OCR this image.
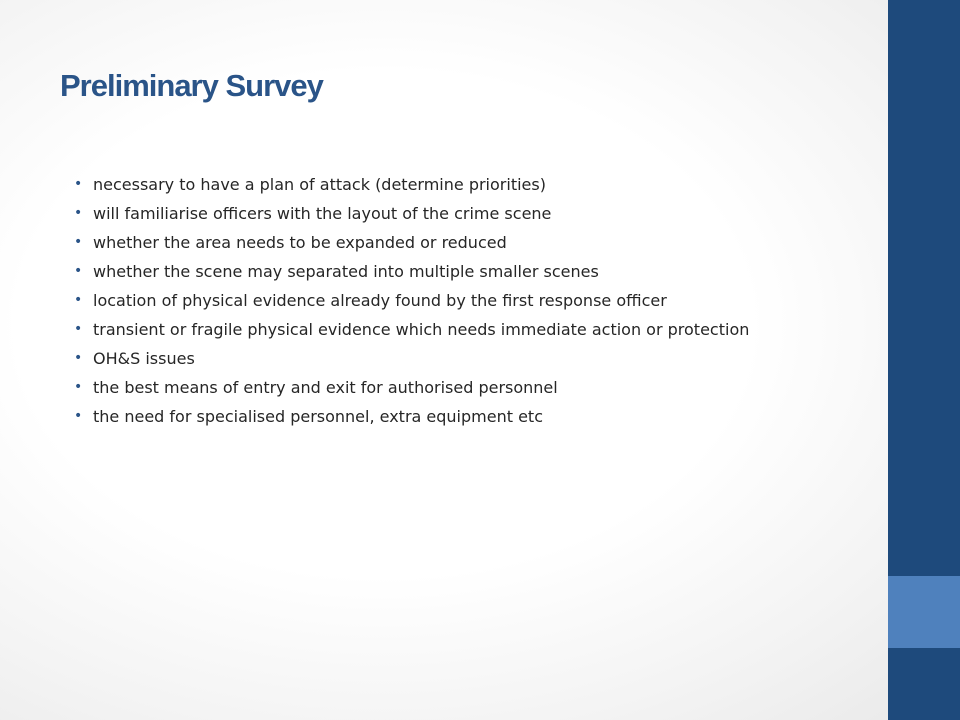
Preliminary Survey
• necessary to have a plan of attack (determine priorities)
• will familiarise officers with the layout of the crime scene
• whether the area needs to be expanded or reduced
• whether the scene may separated into multiple smaller scenes
• location of physical evidence already found by the first response officer
• transient or fragile physical evidence which needs immediate action or protection
• OH&S issues
• the best means of entry and exit for authorised personnel
• the need for specialised personnel, extra equipment etc
